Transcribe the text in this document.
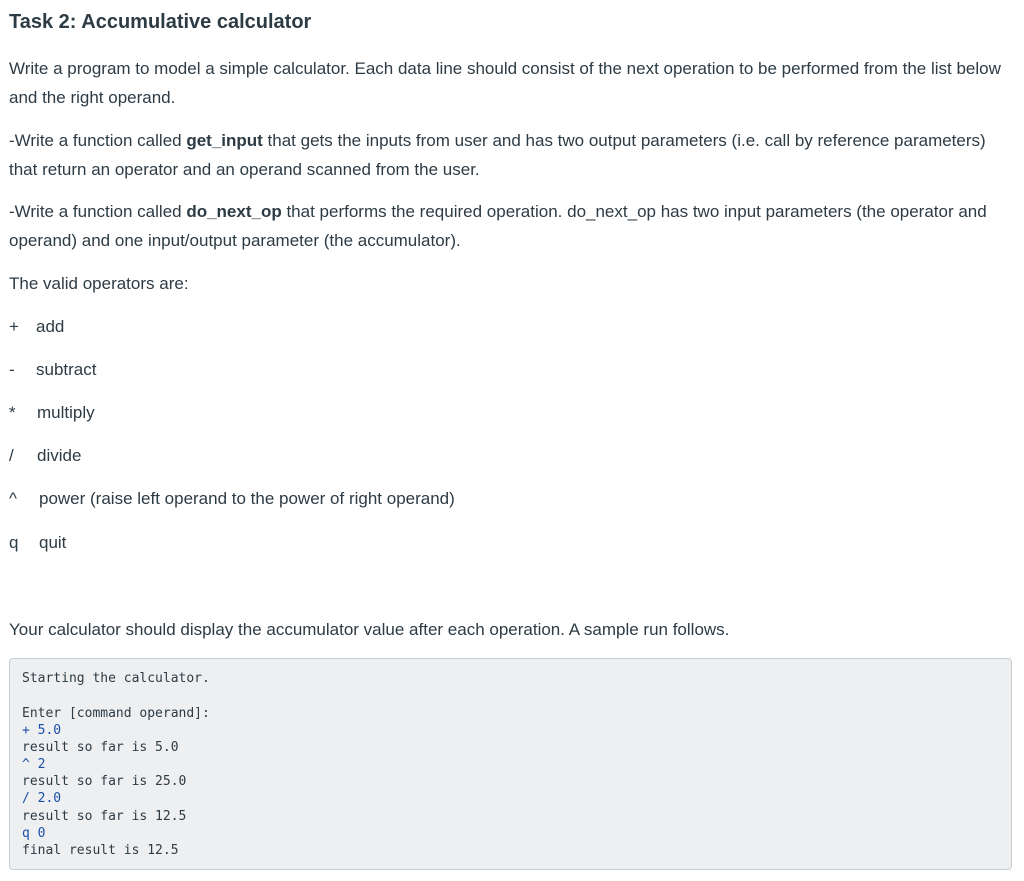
Task 2: Accumulative calculator

Write a program to model a simple calculator. Each data line should consist of the next operation to be performed from the list below and the right operand.

-Write a function called get_input that gets the inputs from user and has two output parameters (i.e. call by reference parameters) that return an operator and an operand scanned from the user.

-Write a function called do_next_op that performs the required operation. do_next_op has two input parameters (the operator and operand) and one input/output parameter (the accumulator).

The valid operators are:

+ add
- subtract
* multiply
/ divide
^ power (raise left operand to the power of right operand)
q quit

Your calculator should display the accumulator value after each operation. A sample run follows.

Starting the calculator.
Enter [command operand]:
+ 5.0
result so far is 5.0
^ 2
result so far is 25.0
/ 2.0
result so far is 12.5
q 0
final result is 12.5
